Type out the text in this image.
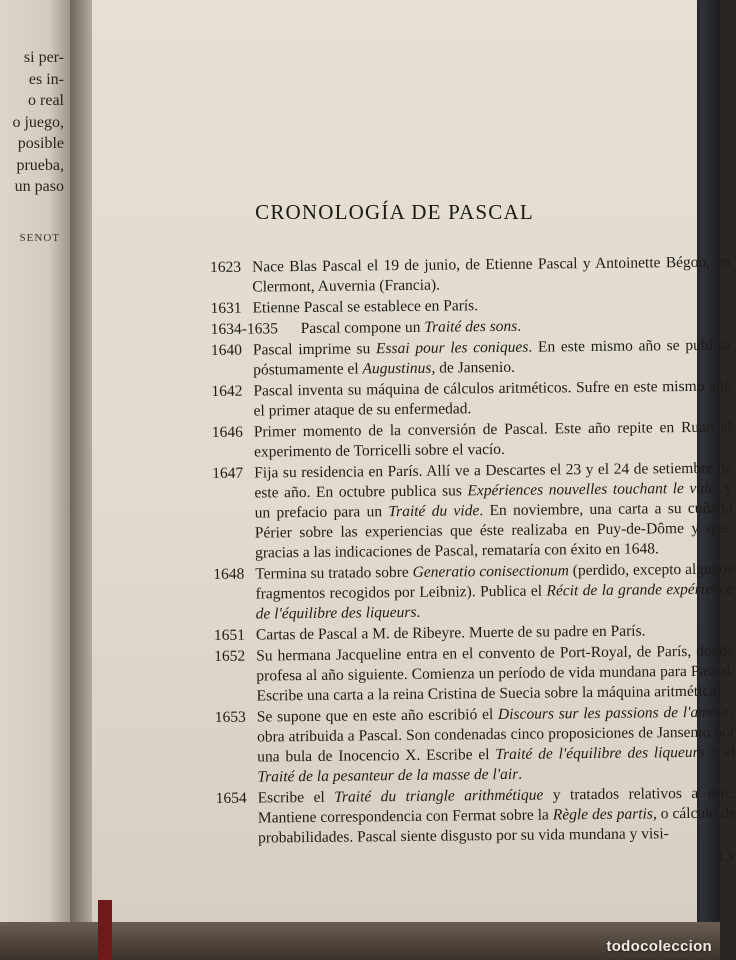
SENOT
si per-
es in-
o real
o juego,
posible
prueba,
un paso
CRONOLOGÍA DE PASCAL
1623 Nace Blas Pascal el 19 de junio, de Etienne Pascal y Antoinette Bégon, en Clermont, Auvernia (Francia).
1631 Etienne Pascal se establece en París.
1634-1635 Pascal compone un Traité des sons.
1640 Pascal imprime su Essai pour les coniques. En este mismo año se publica póstumamente el Augustinus, de Jansenio.
1642 Pascal inventa su máquina de cálculos aritméticos. Sufre en este mismo año el primer ataque de su enfermedad.
1646 Primer momento de la conversión de Pascal. Este año repite en Ruan el experimento de Torricelli sobre el vacío.
1647 Fija su residencia en París. Allí ve a Descartes el 23 y el 24 de setiembre de este año. En octubre publica sus Expériences nouvelles touchant le vide, y un prefacio para un Traité du vide. En noviembre, una carta a su cuñado Périer sobre las experiencias que éste realizaba en Puy-de-Dôme y que, gracias a las indicaciones de Pascal, remataría con éxito en 1648.
1648 Termina su tratado sobre Generatio conisectionum (perdido, excepto algunos fragmentos recogidos por Leibniz). Publica el Récit de la grande expérience de l'équilibre des liqueurs.
1651 Cartas de Pascal a M. de Ribeyre. Muerte de su padre en París.
1652 Su hermana Jacqueline entra en el convento de Port-Royal, de París, donde profesa al año siguiente. Comienza un período de vida mundana para Pascal. Escribe una carta a la reina Cristina de Suecia sobre la máquina aritmética.
1653 Se supone que en este año escribió el Discours sur les passions de l'amour, obra atribuida a Pascal. Son condenadas cinco proposiciones de Jansenio por una bula de Inocencio X. Escribe el Traité de l'équilibre des liqueurs y el Traité de la pesanteur de la masse de l'air.
1654 Escribe el Traité du triangle arithmétique y tratados relativos a éste. Mantiene correspondencia con Fermat sobre la Règle des partis, o cálculo de probabilidades. Pascal siente disgusto por su vida mundana y visi-
13
todocoleccion
